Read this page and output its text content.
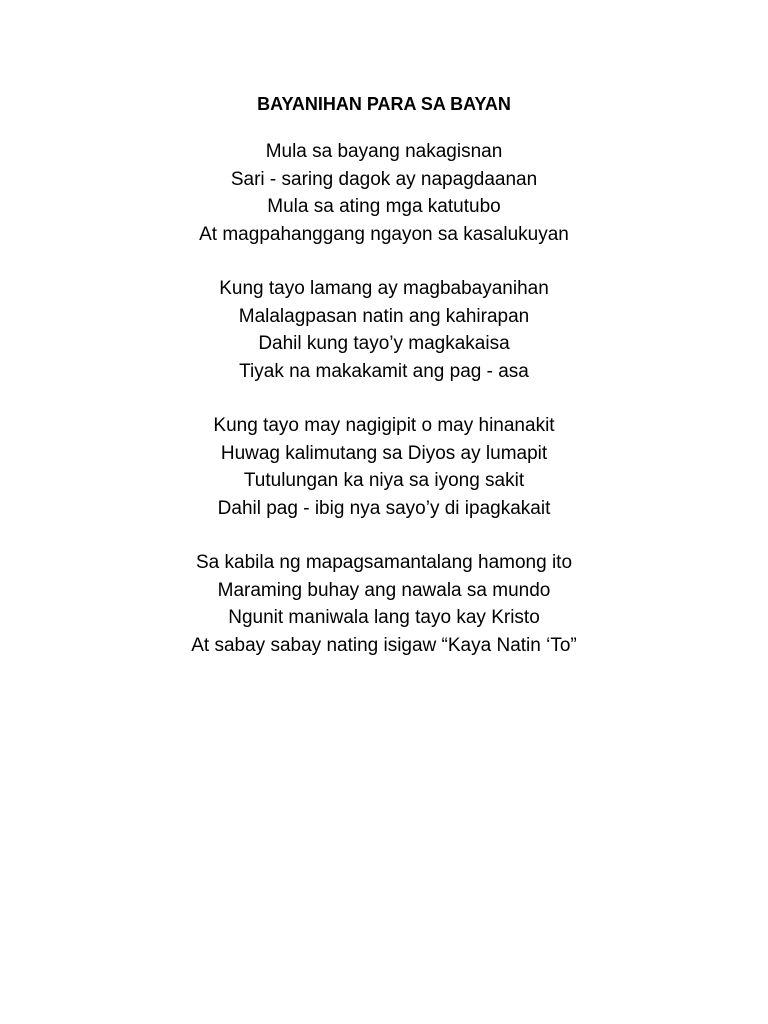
BAYANIHAN PARA SA BAYAN
Mula sa bayang nakagisnan
Sari - saring dagok ay napagdaanan
Mula sa ating mga katutubo
At magpahanggang ngayon sa kasalukuyan
Kung tayo lamang ay magbabayanihan
Malalagpasan natin ang kahirapan
Dahil kung tayo’y magkakaisa
Tiyak na makakamit ang pag - asa
Kung tayo may nagigipit o may hinanakit
Huwag kalimutang sa Diyos ay lumapit
Tutulungan ka niya sa iyong sakit
Dahil pag - ibig nya sayo’y di ipagkakait
Sa kabila ng mapagsamantalang hamong ito
Maraming buhay ang nawala sa mundo
Ngunit maniwala lang tayo kay Kristo
At sabay sabay nating isigaw “Kaya Natin ‘To”
